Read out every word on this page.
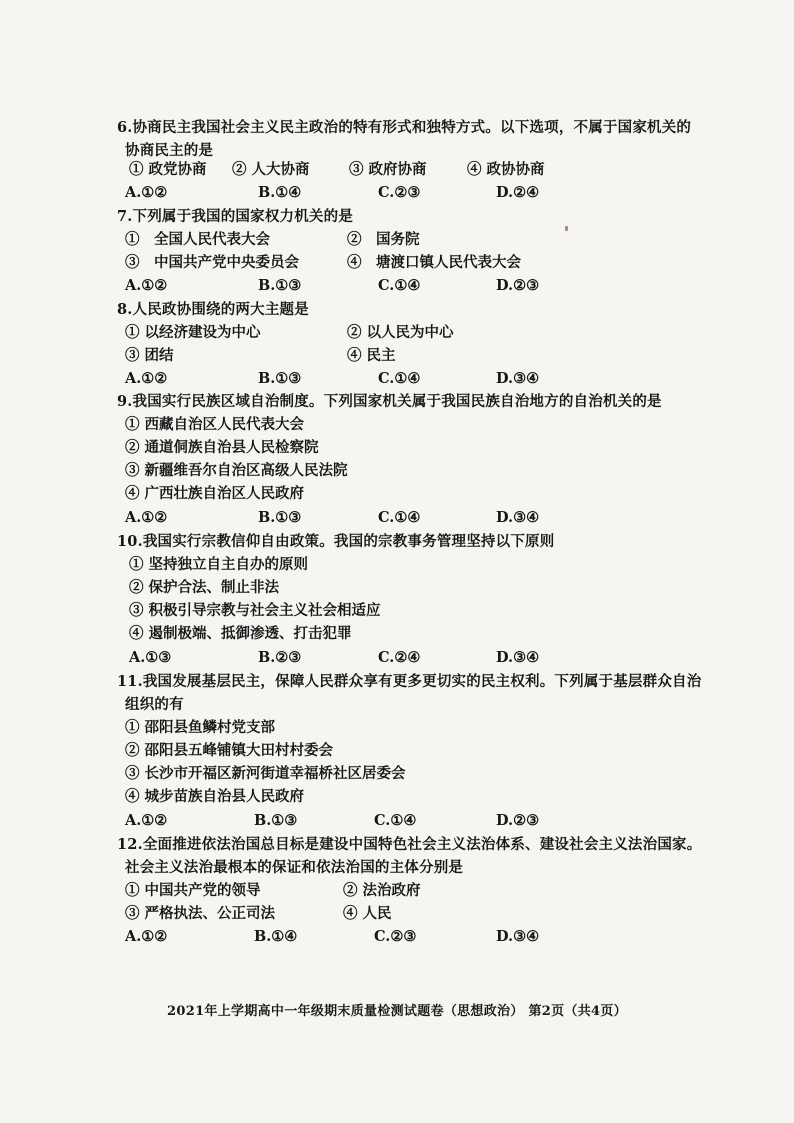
6.协商民主我国社会主义民主政治的特有形式和独特方式。以下选项，不属于国家机关的
协商民主的是
① 政党协商 ② 人大协商	③ 政府协商	④ 政协协商
A.①②	B.①④	C.②③	D.②④
7.下列属于我国的国家权力机关的是
①　全国人民代表大会	②　国务院
③　中国共产党中央委员会	④　塘渡口镇人民代表大会
A.①②	B.①③	C.①④	D.②③
8.人民政协围绕的两大主题是
① 以经济建设为中心	② 以人民为中心
③ 团结	④ 民主
A.①②	B.①③	C.①④	D.③④
9.我国实行民族区域自治制度。下列国家机关属于我国民族自治地方的自治机关的是
① 西藏自治区人民代表大会
② 通道侗族自治县人民检察院
③ 新疆维吾尔自治区高级人民法院
④ 广西壮族自治区人民政府
A.①②	B.①③	C.①④	D.③④
10.我国实行宗教信仰自由政策。我国的宗教事务管理坚持以下原则
① 坚持独立自主自办的原则
② 保护合法、制止非法
③ 积极引导宗教与社会主义社会相适应
④ 遏制极端、抵御渗透、打击犯罪
A.①③	B.②③	C.②④	D.③④
11.我国发展基层民主，保障人民群众享有更多更切实的民主权利。下列属于基层群众自治
组织的有
① 邵阳县鱼鳞村党支部
② 邵阳县五峰铺镇大田村村委会
③ 长沙市开福区新河街道幸福桥社区居委会
④ 城步苗族自治县人民政府
A.①②	B.①③	C.①④	D.②③
12.全面推进依法治国总目标是建设中国特色社会主义法治体系、建设社会主义法治国家。
社会主义法治最根本的保证和依法治国的主体分别是
① 中国共产党的领导	② 法治政府
③ 严格执法、公正司法	④ 人民
A.①②	B.①④	C.②③	D.③④
2021年上学期高中一年级期末质量检测试题卷（思想政治） 第2页（共4页）
